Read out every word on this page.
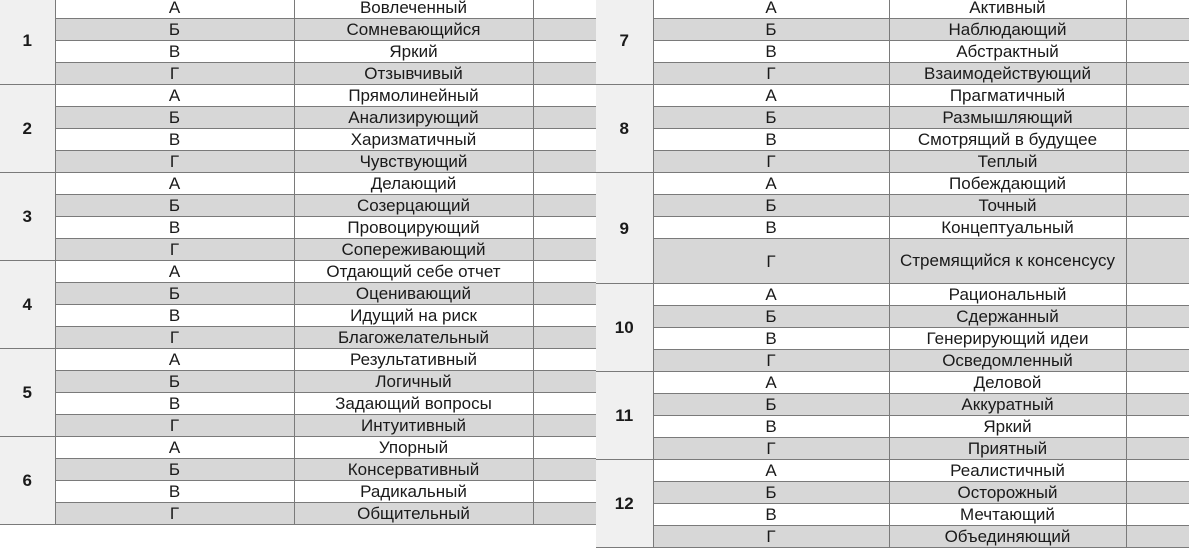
1	А	Вовлеченный	
	Б	Сомневающийся	
	В	Яркий	
	Г	Отзывчивый	
2	А	Прямолинейный	
	Б	Анализирующий	
	В	Харизматичный	
	Г	Чувствующий	
3	А	Делающий	
	Б	Созерцающий	
	В	Провоцирующий	
	Г	Сопереживающий	
4	А	Отдающий себе отчет	
	Б	Оценивающий	
	В	Идущий на риск	
	Г	Благожелательный	
5	А	Результативный	
	Б	Логичный	
	В	Задающий вопросы	
	Г	Интуитивный	
6	А	Упорный	
	Б	Консервативный	
	В	Радикальный	
	Г	Общительный	
7	А	Активный	
	Б	Наблюдающий	
	В	Абстрактный	
	Г	Взаимодействующий	
8	А	Прагматичный	
	Б	Размышляющий	
	В	Смотрящий в будущее	
	Г	Теплый	
9	А	Побеждающий	
	Б	Точный	
	В	Концептуальный	
	Г	Стремящийся к консенсусу	
10	А	Рациональный	
	Б	Сдержанный	
	В	Генерирующий идеи	
	Г	Осведомленный	
11	А	Деловой	
	Б	Аккуратный	
	В	Яркий	
	Г	Приятный	
12	А	Реалистичный	
	Б	Осторожный	
	В	Мечтающий	
	Г	Объединяющий	
